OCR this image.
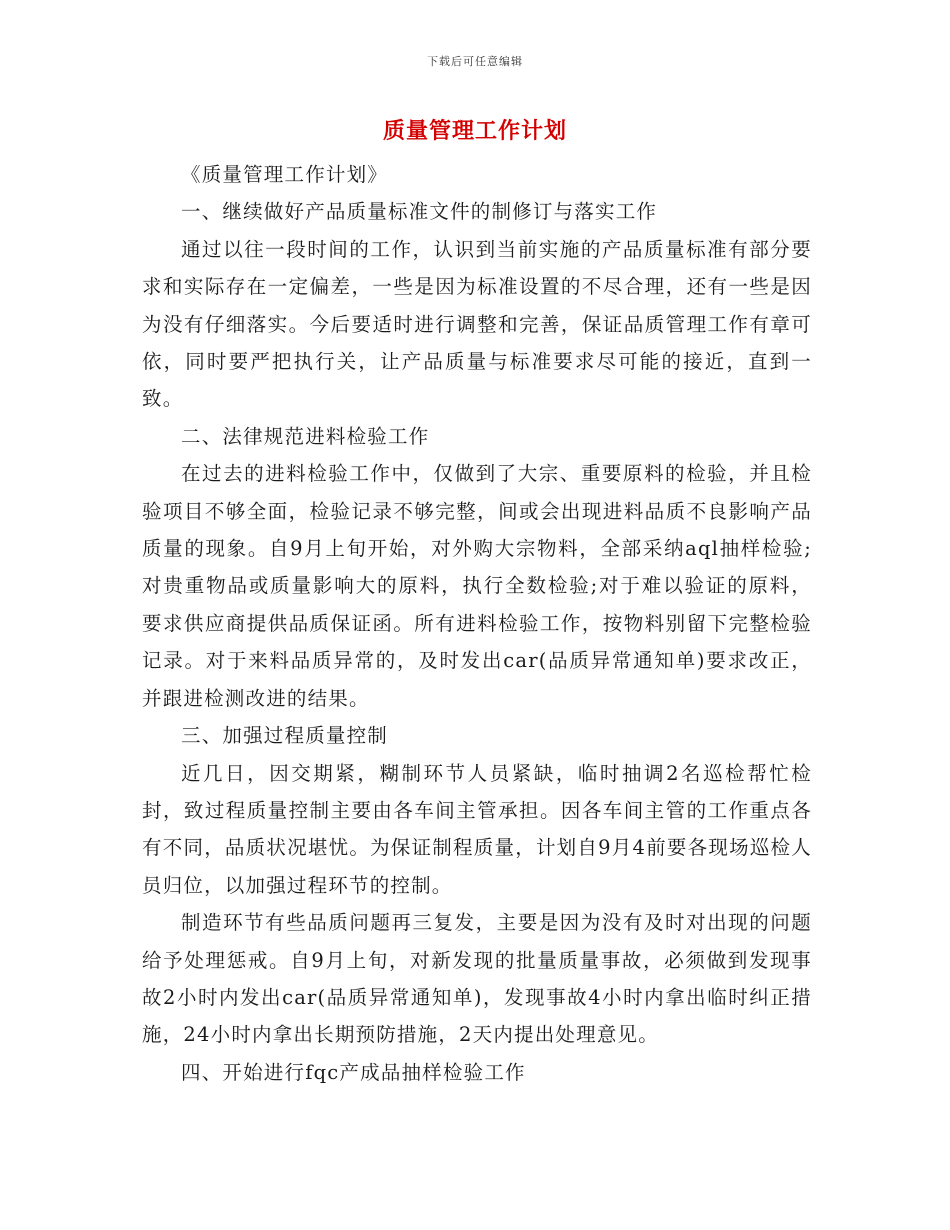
下载后可任意编辑
质量管理工作计划

《质量管理工作计划》

一、继续做好产品质量标准文件的制修订与落实工作

通过以往一段时间的工作，认识到当前实施的产品质量标准有部分要求和实际存在一定偏差，一些是因为标准设置的不尽合理，还有一些是因为没有仔细落实。今后要适时进行调整和完善，保证品质管理工作有章可依，同时要严把执行关，让产品质量与标准要求尽可能的接近，直到一致。

二、法律规范进料检验工作

在过去的进料检验工作中，仅做到了大宗、重要原料的检验，并且检验项目不够全面，检验记录不够完整，间或会出现进料品质不良影响产品质量的现象。自9月上旬开始，对外购大宗物料，全部采纳aql抽样检验;对贵重物品或质量影响大的原料，执行全数检验;对于难以验证的原料，要求供应商提供品质保证函。所有进料检验工作，按物料别留下完整检验记录。对于来料品质异常的，及时发出car(品质异常通知单)要求改正，并跟进检测改进的结果。

三、加强过程质量控制

近几日，因交期紧，糊制环节人员紧缺，临时抽调2名巡检帮忙检封，致过程质量控制主要由各车间主管承担。因各车间主管的工作重点各有不同，品质状况堪忧。为保证制程质量，计划自9月4前要各现场巡检人员归位，以加强过程环节的控制。

制造环节有些品质问题再三复发，主要是因为没有及时对出现的问题给予处理惩戒。自9月上旬，对新发现的批量质量事故，必须做到发现事故2小时内发出car(品质异常通知单)，发现事故4小时内拿出临时纠正措施，24小时内拿出长期预防措施，2天内提出处理意见。

四、开始进行fqc产成品抽样检验工作
